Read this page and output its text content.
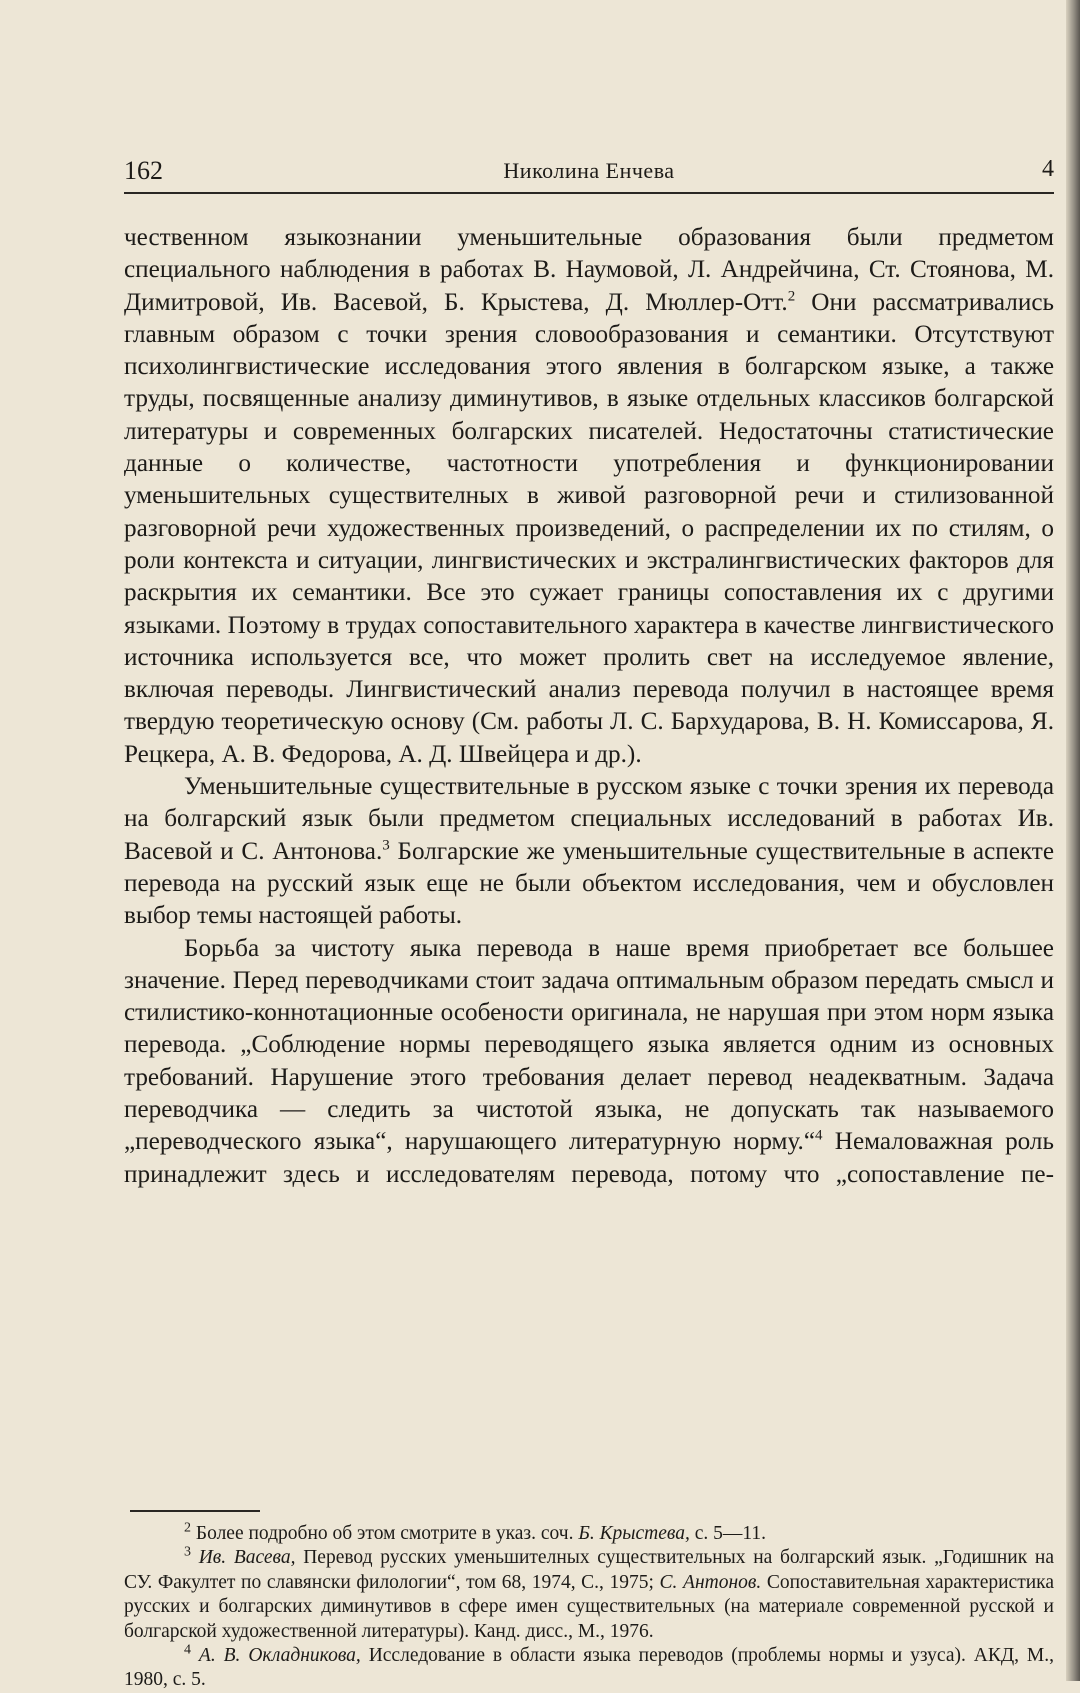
162	Николина Енчева	4

чественном языкознании уменьшительные образования были предметом специального наблюдения в работах В. Наумовой, Л. Андрейчина, Ст. Стоянова, М. Димитровой, Ив. Васевой, Б. Крыстева, Д. Мюллер-Отт.$^2$ Они рассматривались главным образом с точки зрения словообразования и семантики. Отсутствуют психолингвистические исследования этого явления в болгарском языке, а также труды, посвященные анализу диминутивов, в языке отдельных классиков болгарской литературы и современных болгарских писателей. Недостаточны статистические данные о количестве, частотности употребления и функционировании уменьшительных существителных в живой разговорной речи и стилизованной разговорной речи художественных произведений, о распределении их по стилям, о роли контекста и ситуации, лингвистических и экстралингвистических факторов для раскрытия их семантики. Все это сужает границы сопоставления их с другими языками. Поэтому в трудах сопоставительного характера в качестве лингвистического источника используется все, что может пролить свет на исследуемое явление, включая переводы. Лингвистический анализ перевода получил в настоящее время твердую теоретическую основу (См. работы Л. С. Бархударова, В. Н. Комиссарова, Я. Рецкера, А. В. Федорова, А. Д. Швейцера и др.).

Уменьшительные существительные в русском языке с точки зрения их перевода на болгарский язык были предметом специальных исследований в работах Ив. Васевой и С. Антонова.$^3$ Болгарские же уменьшительные существительные в аспекте перевода на русский язык еще не были объектом исследования, чем и обусловлен выбор темы настоящей работы.

Борьба за чистоту яыка перевода в наше время приобретает все большее значение. Перед переводчиками стоит задача оптимальным образом передать смысл и стилистико-коннотационные особености оригинала, не нарушая при этом норм языка перевода. „Соблюдение нормы переводящего языка является одним из основных требований. Нарушение этого требования делает перевод неадекватным. Задача переводчика — следить за чистотой языка, не допускать так называемого „переводческого языка“, нарушающего литературную норму.“$^4$ Немаловажная роль принадлежит здесь и исследователям перевода, потому что „сопоставление пе-

$^2$ Более подробно об этом смотрите в указ. соч. Б. Крыстева, с. 5—11.

$^3$ Ив. Васева, Перевод русских уменьшителных существительных на болгарский язык. „Годишник на СУ. Факултет по славянски филологии“, том 68, 1974, С., 1975; С. Антонов. Сопоставительная характеристика русских и болгарских диминутивов в сфере имен существительных (на материале современной русской и болгарской художественной литературы). Канд. дисс., М., 1976.

$^4$ А. В. Окладникова, Исследование в области языка переводов (проблемы нормы и узуса). АКД, М., 1980, с. 5.
